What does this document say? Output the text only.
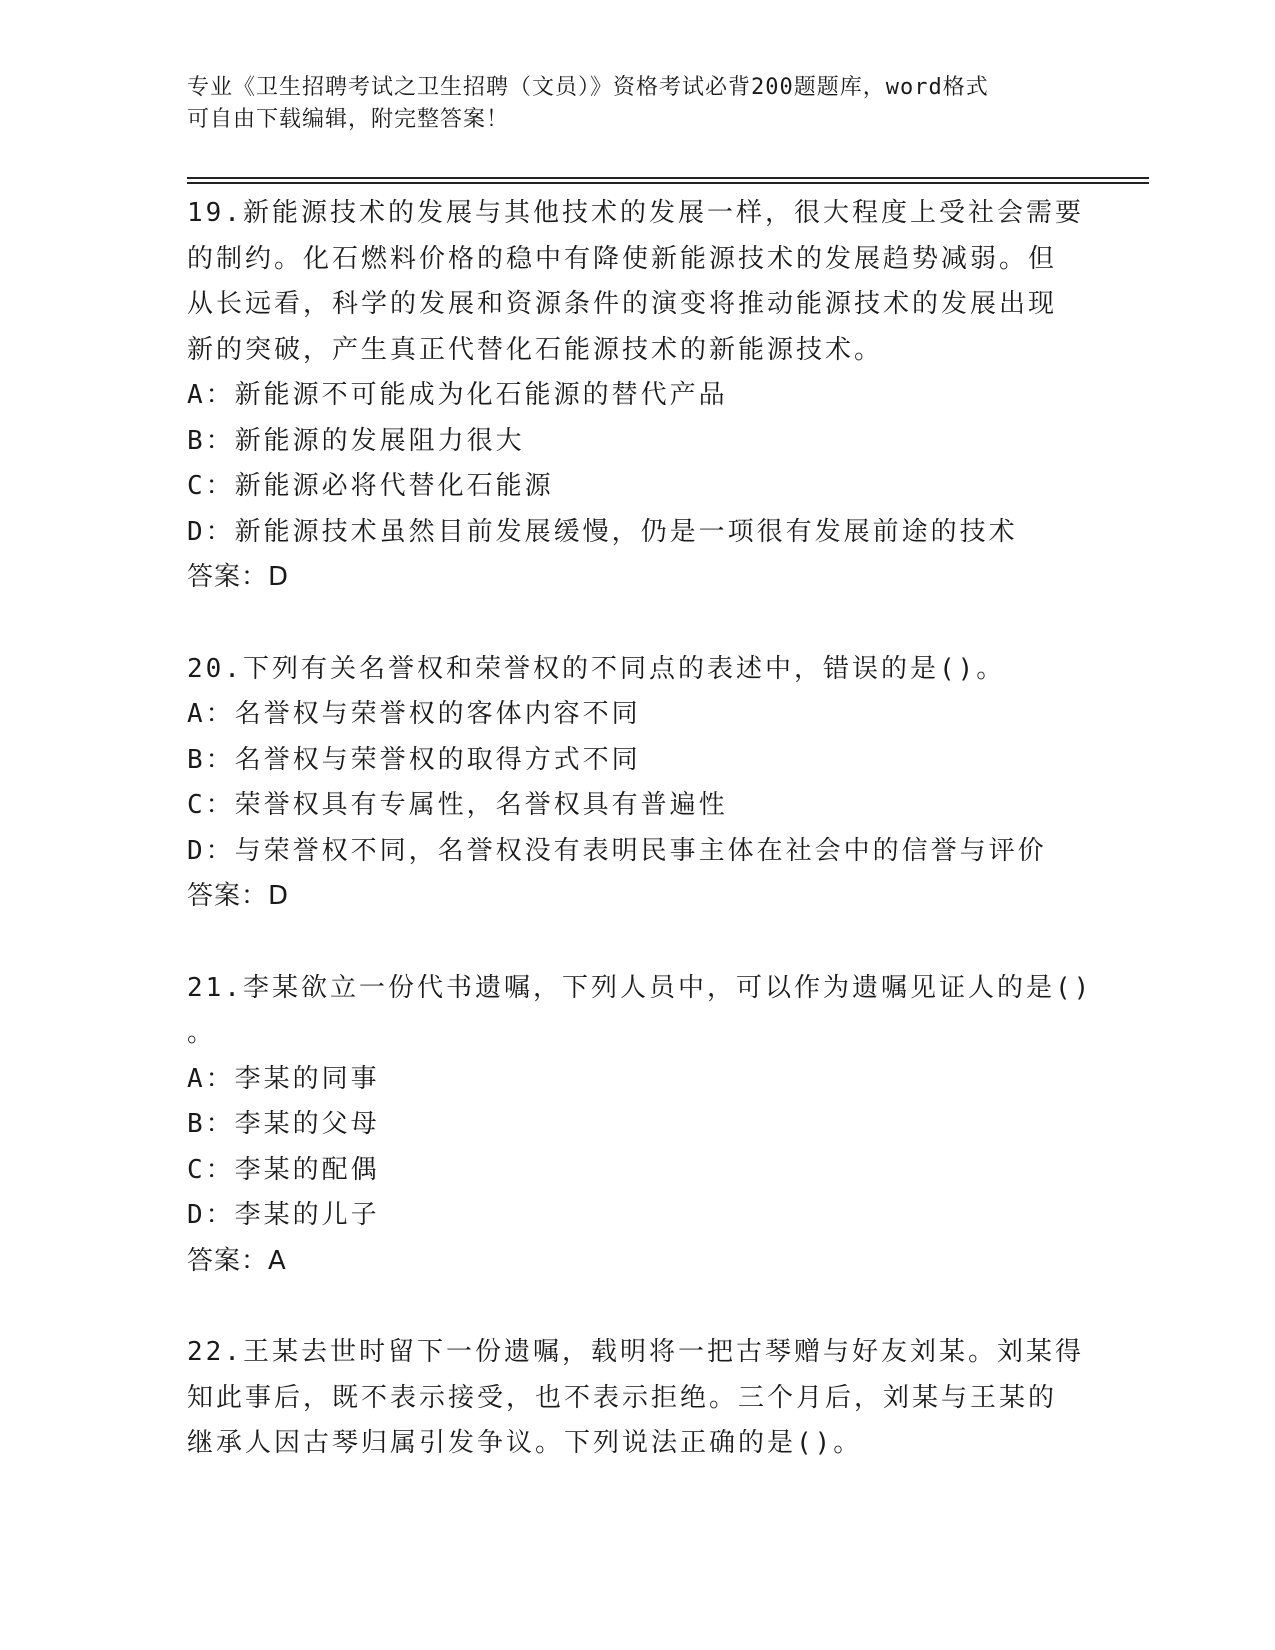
专业《卫生招聘考试之卫生招聘（文员）》资格考试必背200题题库，word格式
可自由下载编辑，附完整答案！
19.新能源技术的发展与其他技术的发展一样，很大程度上受社会需要
的制约。化石燃料价格的稳中有降使新能源技术的发展趋势减弱。但
从长远看，科学的发展和资源条件的演变将推动能源技术的发展出现
新的突破，产生真正代替化石能源技术的新能源技术。
A：新能源不可能成为化石能源的替代产品
B：新能源的发展阻力很大
C：新能源必将代替化石能源
D：新能源技术虽然目前发展缓慢，仍是一项很有发展前途的技术
答案：D
20.下列有关名誉权和荣誉权的不同点的表述中，错误的是()。
A：名誉权与荣誉权的客体内容不同
B：名誉权与荣誉权的取得方式不同
C：荣誉权具有专属性，名誉权具有普遍性
D：与荣誉权不同，名誉权没有表明民事主体在社会中的信誉与评价
答案：D
21.李某欲立一份代书遗嘱，下列人员中，可以作为遗嘱见证人的是()
。
A：李某的同事
B：李某的父母
C：李某的配偶
D：李某的儿子
答案：A
22.王某去世时留下一份遗嘱，载明将一把古琴赠与好友刘某。刘某得
知此事后，既不表示接受，也不表示拒绝。三个月后，刘某与王某的
继承人因古琴归属引发争议。下列说法正确的是()。
